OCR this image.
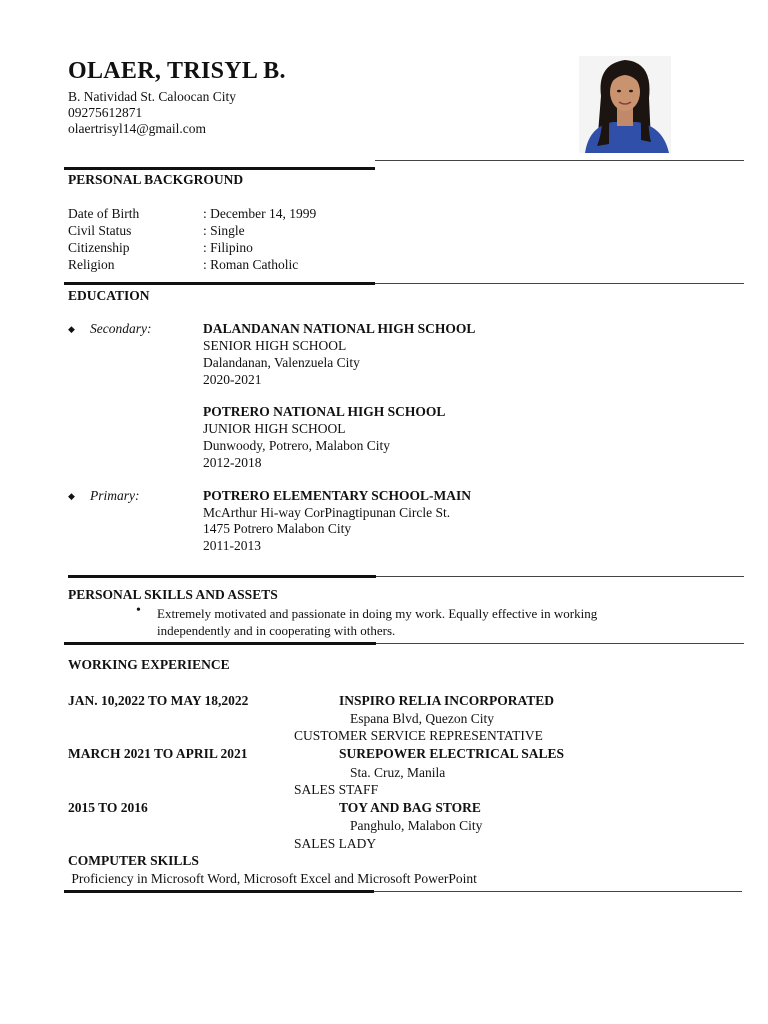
OLAER, TRISYL B.
B. Natividad St. Caloocan City
09275612871
olaertrisyl14@gmail.com
PERSONAL BACKGROUND
Date of Birth	: December 14, 1999
Civil Status	: Single
Citizenship	: Filipino
Religion	: Roman Catholic
EDUCATION
◆ Secondary:	DALANDANAN NATIONAL HIGH SCHOOL
SENIOR HIGH SCHOOL
Dalandanan, Valenzuela City
2020-2021
POTRERO NATIONAL HIGH SCHOOL
JUNIOR HIGH SCHOOL
Dunwoody, Potrero, Malabon City
2012-2018
◆ Primary:	POTRERO ELEMENTARY SCHOOL-MAIN
McArthur Hi-way CorPinagtipunan Circle St.
1475 Potrero Malabon City
2011-2013
PERSONAL SKILLS AND ASSETS
• Extremely motivated and passionate in doing my work. Equally effective in working
independently and in cooperating with others.
WORKING EXPERIENCE
JAN. 10,2022 TO MAY 18,2022	INSPIRO RELIA INCORPORATED
Espana Blvd, Quezon City
CUSTOMER SERVICE REPRESENTATIVE
MARCH 2021 TO APRIL 2021	SUREPOWER ELECTRICAL SALES
Sta. Cruz, Manila
SALES STAFF
2015 TO 2016	TOY AND BAG STORE
Panghulo, Malabon City
SALES LADY
COMPUTER SKILLS
Proficiency in Microsoft Word, Microsoft Excel and Microsoft PowerPoint
